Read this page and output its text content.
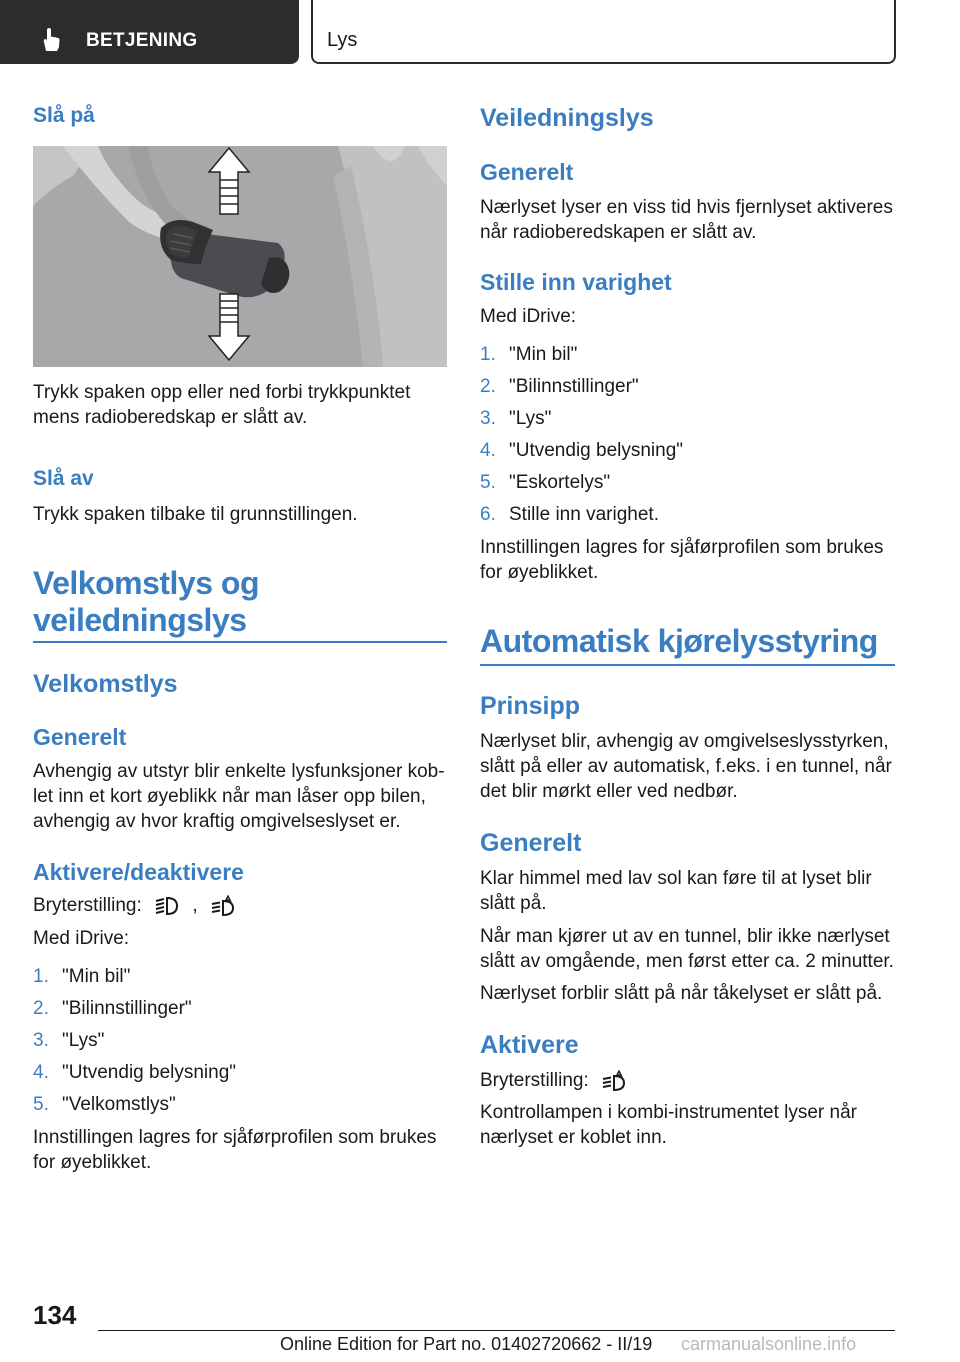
BETJENING	Lys
Slå på
Trykk spaken opp eller ned forbi trykkpunktet mens radioberedskap er slått av.
Slå av
Trykk spaken tilbake til grunnstillingen.
Velkomstlys og
veiledningslys
Velkomstlys
Generelt
Avhengig av utstyr blir enkelte lysfunksjoner kob-
let inn et kort øyeblikk når man låser opp bilen,
avhengig av hvor kraftig omgivelseslyset er.
Aktivere/deaktivere
Bryterstilling:	,
Med iDrive:
1. "Min bil"
2. "Bilinnstillinger"
3. "Lys"
4. "Utvendig belysning"
5. "Velkomstlys"
Innstillingen lagres for sjåførprofilen som brukes
for øyeblikket.
Veiledningslys
Generelt
Nærlyset lyser en viss tid hvis fjernlyset aktiveres
når radioberedskapen er slått av.
Stille inn varighet
Med iDrive:
1. "Min bil"
2. "Bilinnstillinger"
3. "Lys"
4. "Utvendig belysning"
5. "Eskortelys"
6. Stille inn varighet.
Innstillingen lagres for sjåførprofilen som brukes
for øyeblikket.
Automatisk kjørelysstyring
Prinsipp
Nærlyset blir, avhengig av omgivelseslysstyrken,
slått på eller av automatisk, f.eks. i en tunnel, når
det blir mørkt eller ved nedbør.
Generelt
Klar himmel med lav sol kan føre til at lyset blir
slått på.
Når man kjører ut av en tunnel, blir ikke nærlyset
slått av omgående, men først etter ca. 2 minutter.
Nærlyset forblir slått på når tåkelyset er slått på.
Aktivere
Bryterstilling:
Kontrollampen i kombi-instrumentet lyser når
nærlyset er koblet inn.
134
Online Edition for Part no. 01402720662 - II/19 carmanualsonline.info
